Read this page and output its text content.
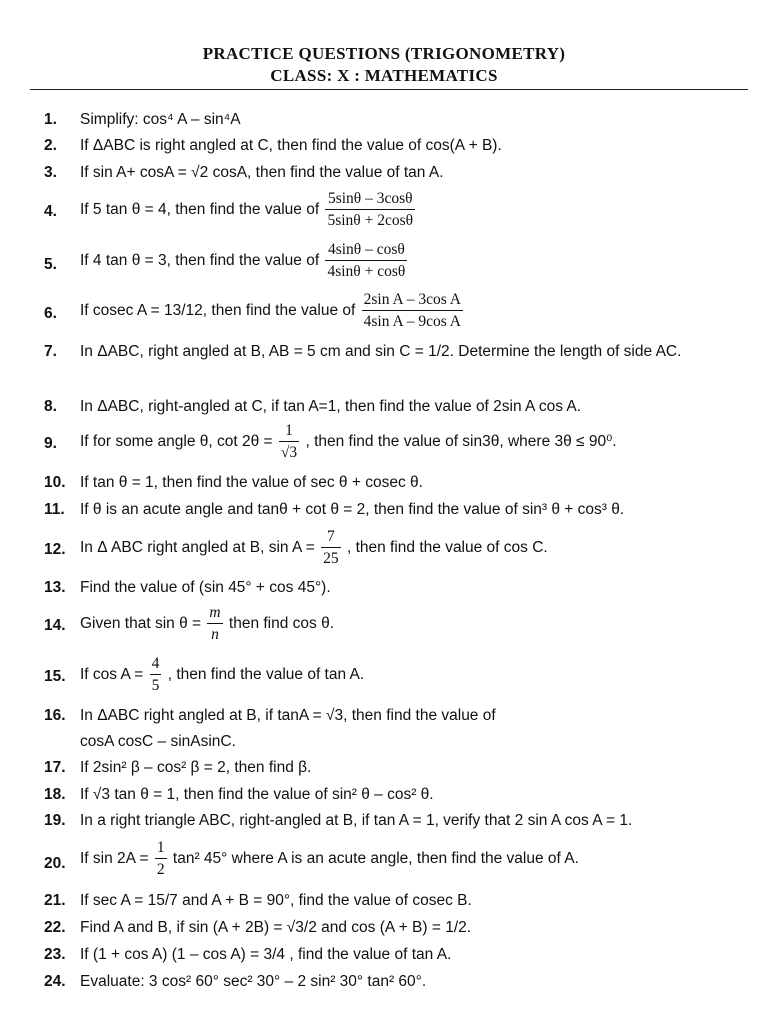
PRACTICE QUESTIONS (TRIGONOMETRY)
CLASS: X : MATHEMATICS
1. Simplify: cos⁴ A – sin⁴A
2. If ΔABC is right angled at C, then find the value of cos(A + B).
3. If sin A+ cosA = √2 cosA, then find the value of tan A.
4. If 5 tan θ = 4, then find the value of $\frac{5\sin\theta - 3\cos\theta}{5\sin\theta + 2\cos\theta}$
5. If 4 tan θ = 3, then find the value of $\frac{4\sin\theta - \cos\theta}{4\sin\theta + \cos\theta}$
6. If cosec A = 13/12, then find the value of $\frac{\text{2sin A – 3cos A}}{\text{4sin A – 9cos A}}$
7. In ΔABC, right angled at B, AB = 5 cm and sin C = 1/2. Determine the length of side AC.
8. In ΔABC, right-angled at C, if tan A=1, then find the value of 2sin A cos A.
9. If for some angle θ, $\cot 2\theta = \frac{1}{√3}$ , then find the value of sin3θ, where 3θ ≤ 90⁰.
10. If tan θ = 1, then find the value of sec θ + cosec θ.
11. If θ is an acute angle and tanθ + cot θ = 2, then find the value of sin³ θ + cos³ θ.
12. In Δ ABC right angled at B, $\sin A = \frac{7}{25}$ , then find the value of cos C.
13. Find the value of (sin 45° + cos 45°).
14. Given that $\sin \theta = \frac{m}{n}$ then find cos θ.
15. If $\cos A = \frac{4}{5}$ , then find the value of tan A.
16. In ΔABC right angled at B, if tanA = √3, then find the value of
cosA cosC – sinAsinC.
17. If 2sin² β – cos² β = 2, then find β.
18. If √3 tan θ = 1, then find the value of sin² θ – cos² θ.
19. In a right triangle ABC, right-angled at B, if tan A = 1, verify that 2 sin A cos A = 1.
20. If $\sin 2A = \frac{1}{2} \tan^2$ 45° where A is an acute angle, then find the value of A.
21. If sec A = 15/7 and A + B = 90°, find the value of cosec B.
22. Find A and B, if sin (A + 2B) = √3/2 and cos (A + B) = 1/2.
23. If (1 + cos A) (1 – cos A) = 3/4 , find the value of tan A.
24. Evaluate: 3 cos² 60° sec² 30° – 2 sin² 30° tan² 60°.
